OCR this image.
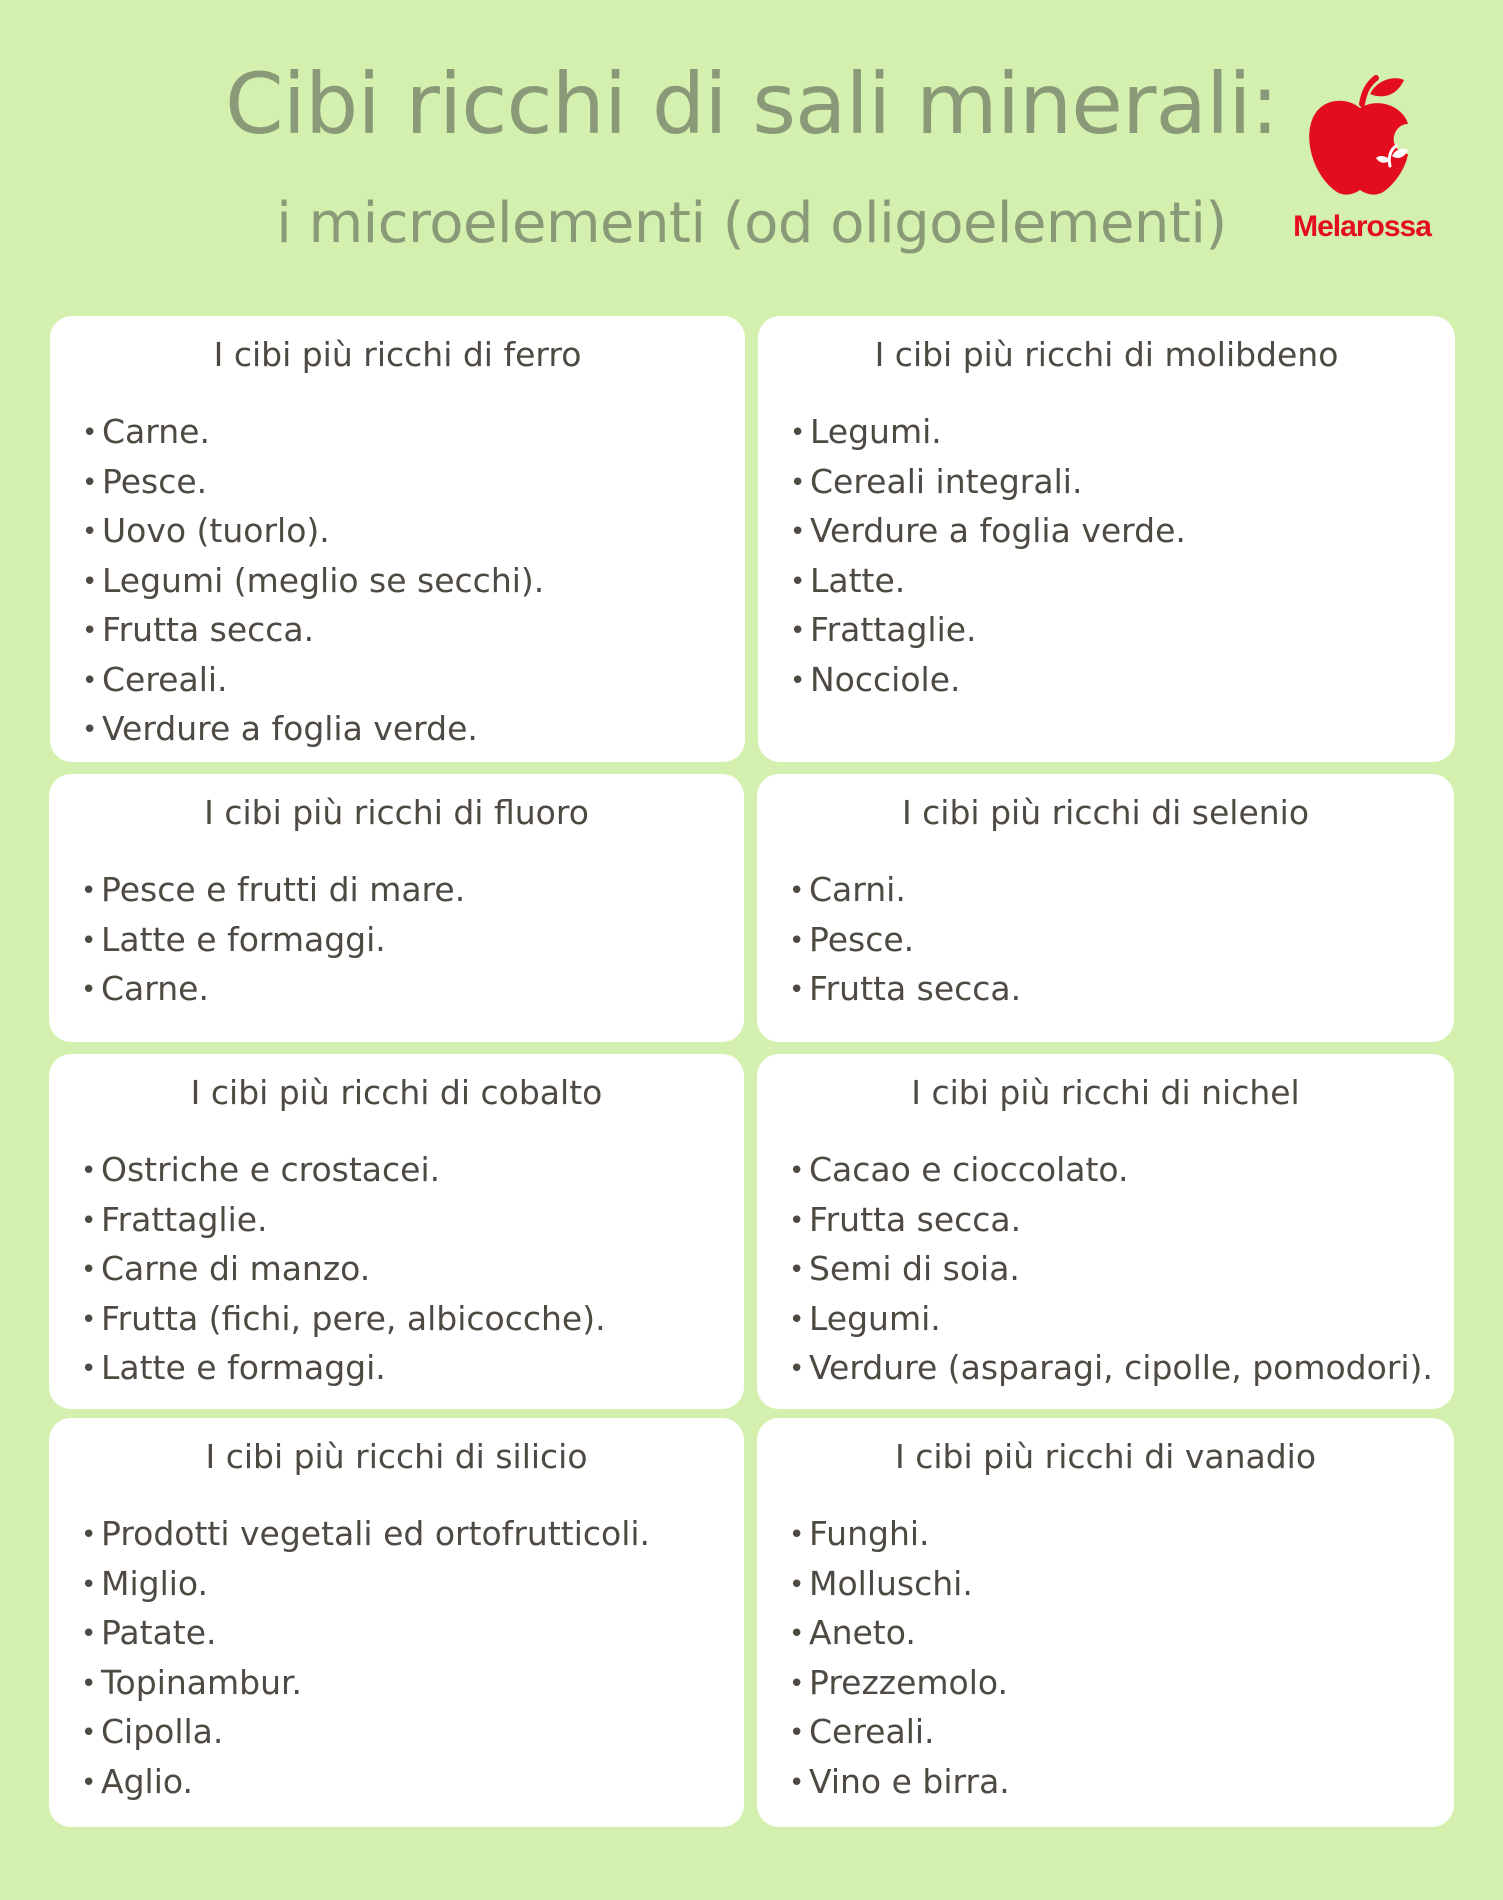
Cibi ricchi di sali minerali:
i microelementi (od oligoelementi)	Melarossa
I cibi più ricchi di ferro
• Carne.
• Pesce.
• Uovo (tuorlo).
• Legumi (meglio se secchi).
• Frutta secca.
• Cereali.
• Verdure a foglia verde.
I cibi più ricchi di molibdeno
• Legumi.
• Cereali integrali.
• Verdure a foglia verde.
• Latte.
• Frattaglie.
• Nocciole.
I cibi più ricchi di fluoro
• Pesce e frutti di mare.
• Latte e formaggi.
• Carne.
I cibi più ricchi di selenio
• Carni.
• Pesce.
• Frutta secca.
I cibi più ricchi di cobalto
• Ostriche e crostacei.
• Frattaglie.
• Carne di manzo.
• Frutta (fichi, pere, albicocche).
• Latte e formaggi.
I cibi più ricchi di nichel
• Cacao e cioccolato.
• Frutta secca.
• Semi di soia.
• Legumi.
• Verdure (asparagi, cipolle, pomodori).
I cibi più ricchi di silicio
• Prodotti vegetali ed ortofrutticoli.
• Miglio.
• Patate.
• Topinambur.
• Cipolla.
• Aglio.
I cibi più ricchi di vanadio
• Funghi.
• Molluschi.
• Aneto.
• Prezzemolo.
• Cereali.
• Vino e birra.
